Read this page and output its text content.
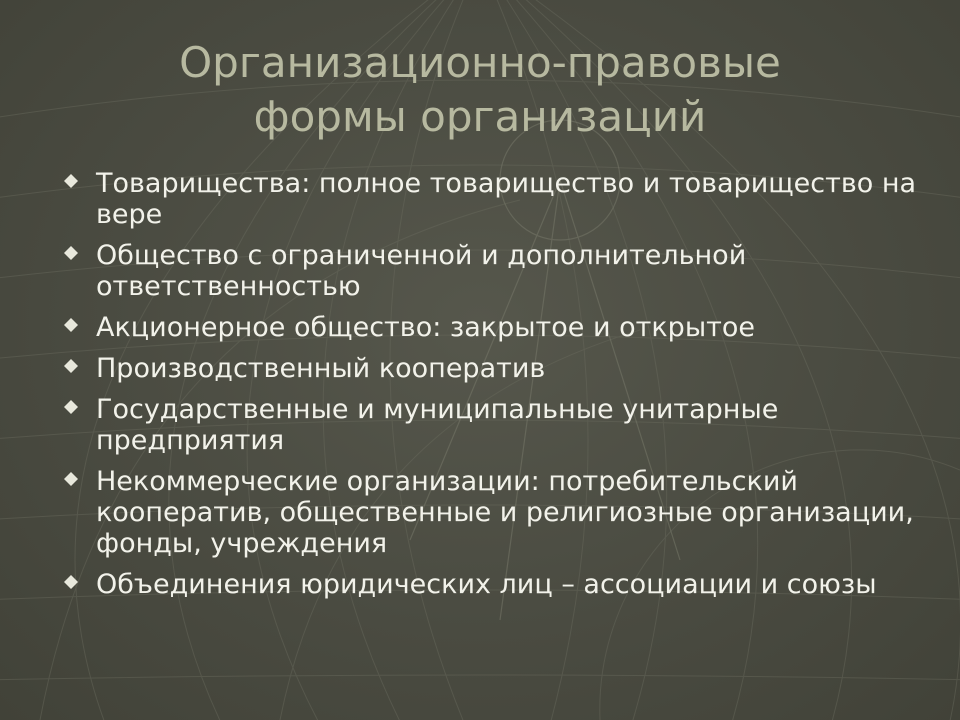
Организационно-правовые
формы организаций
Товарищества: полное товарищество и товарищество на вере
Общество с ограниченной и дополнительной ответственностью
Акционерное общество: закрытое и открытое
Производственный кооператив
Государственные и муниципальные унитарные предприятия
Некоммерческие организации: потребительский кооператив, общественные и религиозные организации, фонды, учреждения
Объединения юридических лиц – ассоциации и союзы
